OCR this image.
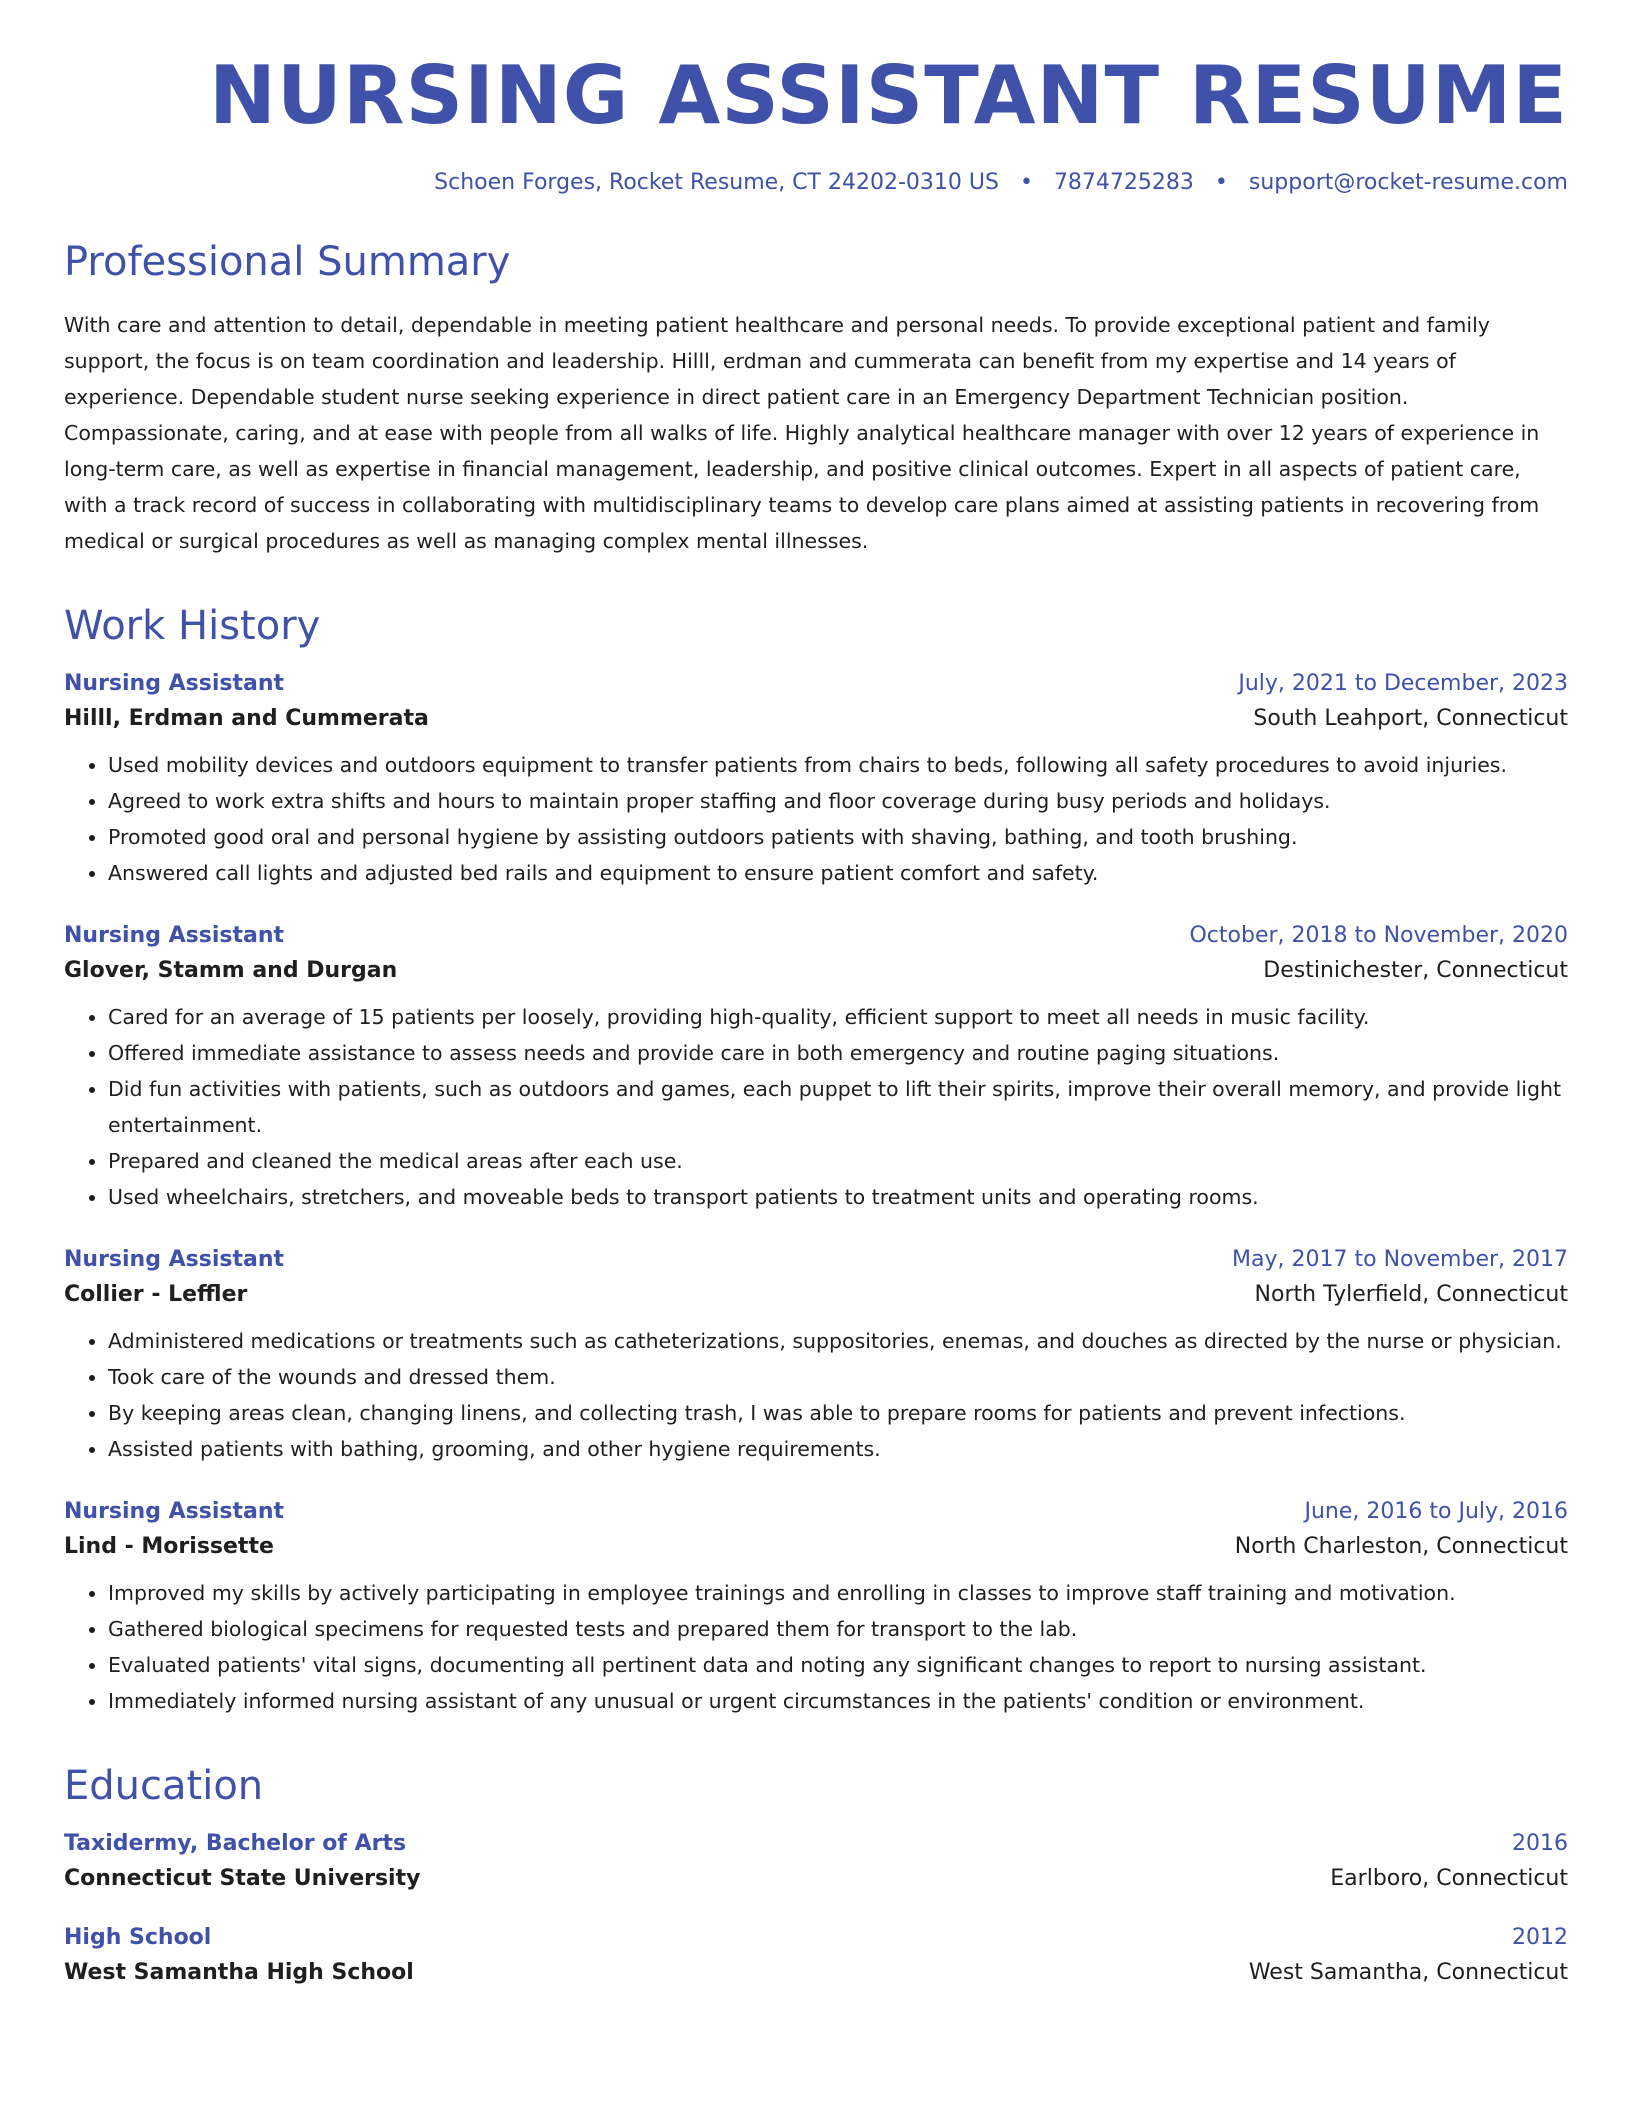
NURSING ASSISTANT RESUME
Schoen Forges, Rocket Resume, CT 24202-0310 US • 7874725283 • support@rocket-resume.com
Professional Summary

With care and attention to detail, dependable in meeting patient healthcare and personal needs. To provide exceptional patient and family support, the focus is on team coordination and leadership. Hilll, erdman and cummerata can benefit from my expertise and 14 years of experience. Dependable student nurse seeking experience in direct patient care in an Emergency Department Technician position. Compassionate, caring, and at ease with people from all walks of life. Highly analytical healthcare manager with over 12 years of experience in long-term care, as well as expertise in financial management, leadership, and positive clinical outcomes. Expert in all aspects of patient care, with a track record of success in collaborating with multidisciplinary teams to develop care plans aimed at assisting patients in recovering from medical or surgical procedures as well as managing complex mental illnesses.

Work History
Nursing Assistant	July, 2021 to December, 2023
Hilll, Erdman and Cummerata	South Leahport, Connecticut
• Used mobility devices and outdoors equipment to transfer patients from chairs to beds, following all safety procedures to avoid injuries.
• Agreed to work extra shifts and hours to maintain proper staffing and floor coverage during busy periods and holidays.
• Promoted good oral and personal hygiene by assisting outdoors patients with shaving, bathing, and tooth brushing.
• Answered call lights and adjusted bed rails and equipment to ensure patient comfort and safety.
Nursing Assistant	October, 2018 to November, 2020
Glover, Stamm and Durgan	Destinichester, Connecticut
• Cared for an average of 15 patients per loosely, providing high-quality, efficient support to meet all needs in music facility.
• Offered immediate assistance to assess needs and provide care in both emergency and routine paging situations.
• Did fun activities with patients, such as outdoors and games, each puppet to lift their spirits, improve their overall memory, and provide light entertainment.
• Prepared and cleaned the medical areas after each use.
• Used wheelchairs, stretchers, and moveable beds to transport patients to treatment units and operating rooms.
Nursing Assistant	May, 2017 to November, 2017
Collier - Leffler	North Tylerfield, Connecticut
• Administered medications or treatments such as catheterizations, suppositories, enemas, and douches as directed by the nurse or physician.
• Took care of the wounds and dressed them.
• By keeping areas clean, changing linens, and collecting trash, I was able to prepare rooms for patients and prevent infections.
• Assisted patients with bathing, grooming, and other hygiene requirements.
Nursing Assistant	June, 2016 to July, 2016
Lind - Morissette	North Charleston, Connecticut
• Improved my skills by actively participating in employee trainings and enrolling in classes to improve staff training and motivation.
• Gathered biological specimens for requested tests and prepared them for transport to the lab.
• Evaluated patients' vital signs, documenting all pertinent data and noting any significant changes to report to nursing assistant.
• Immediately informed nursing assistant of any unusual or urgent circumstances in the patients' condition or environment.
Education
Taxidermy, Bachelor of Arts	2016
Connecticut State University	Earlboro, Connecticut
High School	2012
West Samantha High School	West Samantha, Connecticut
